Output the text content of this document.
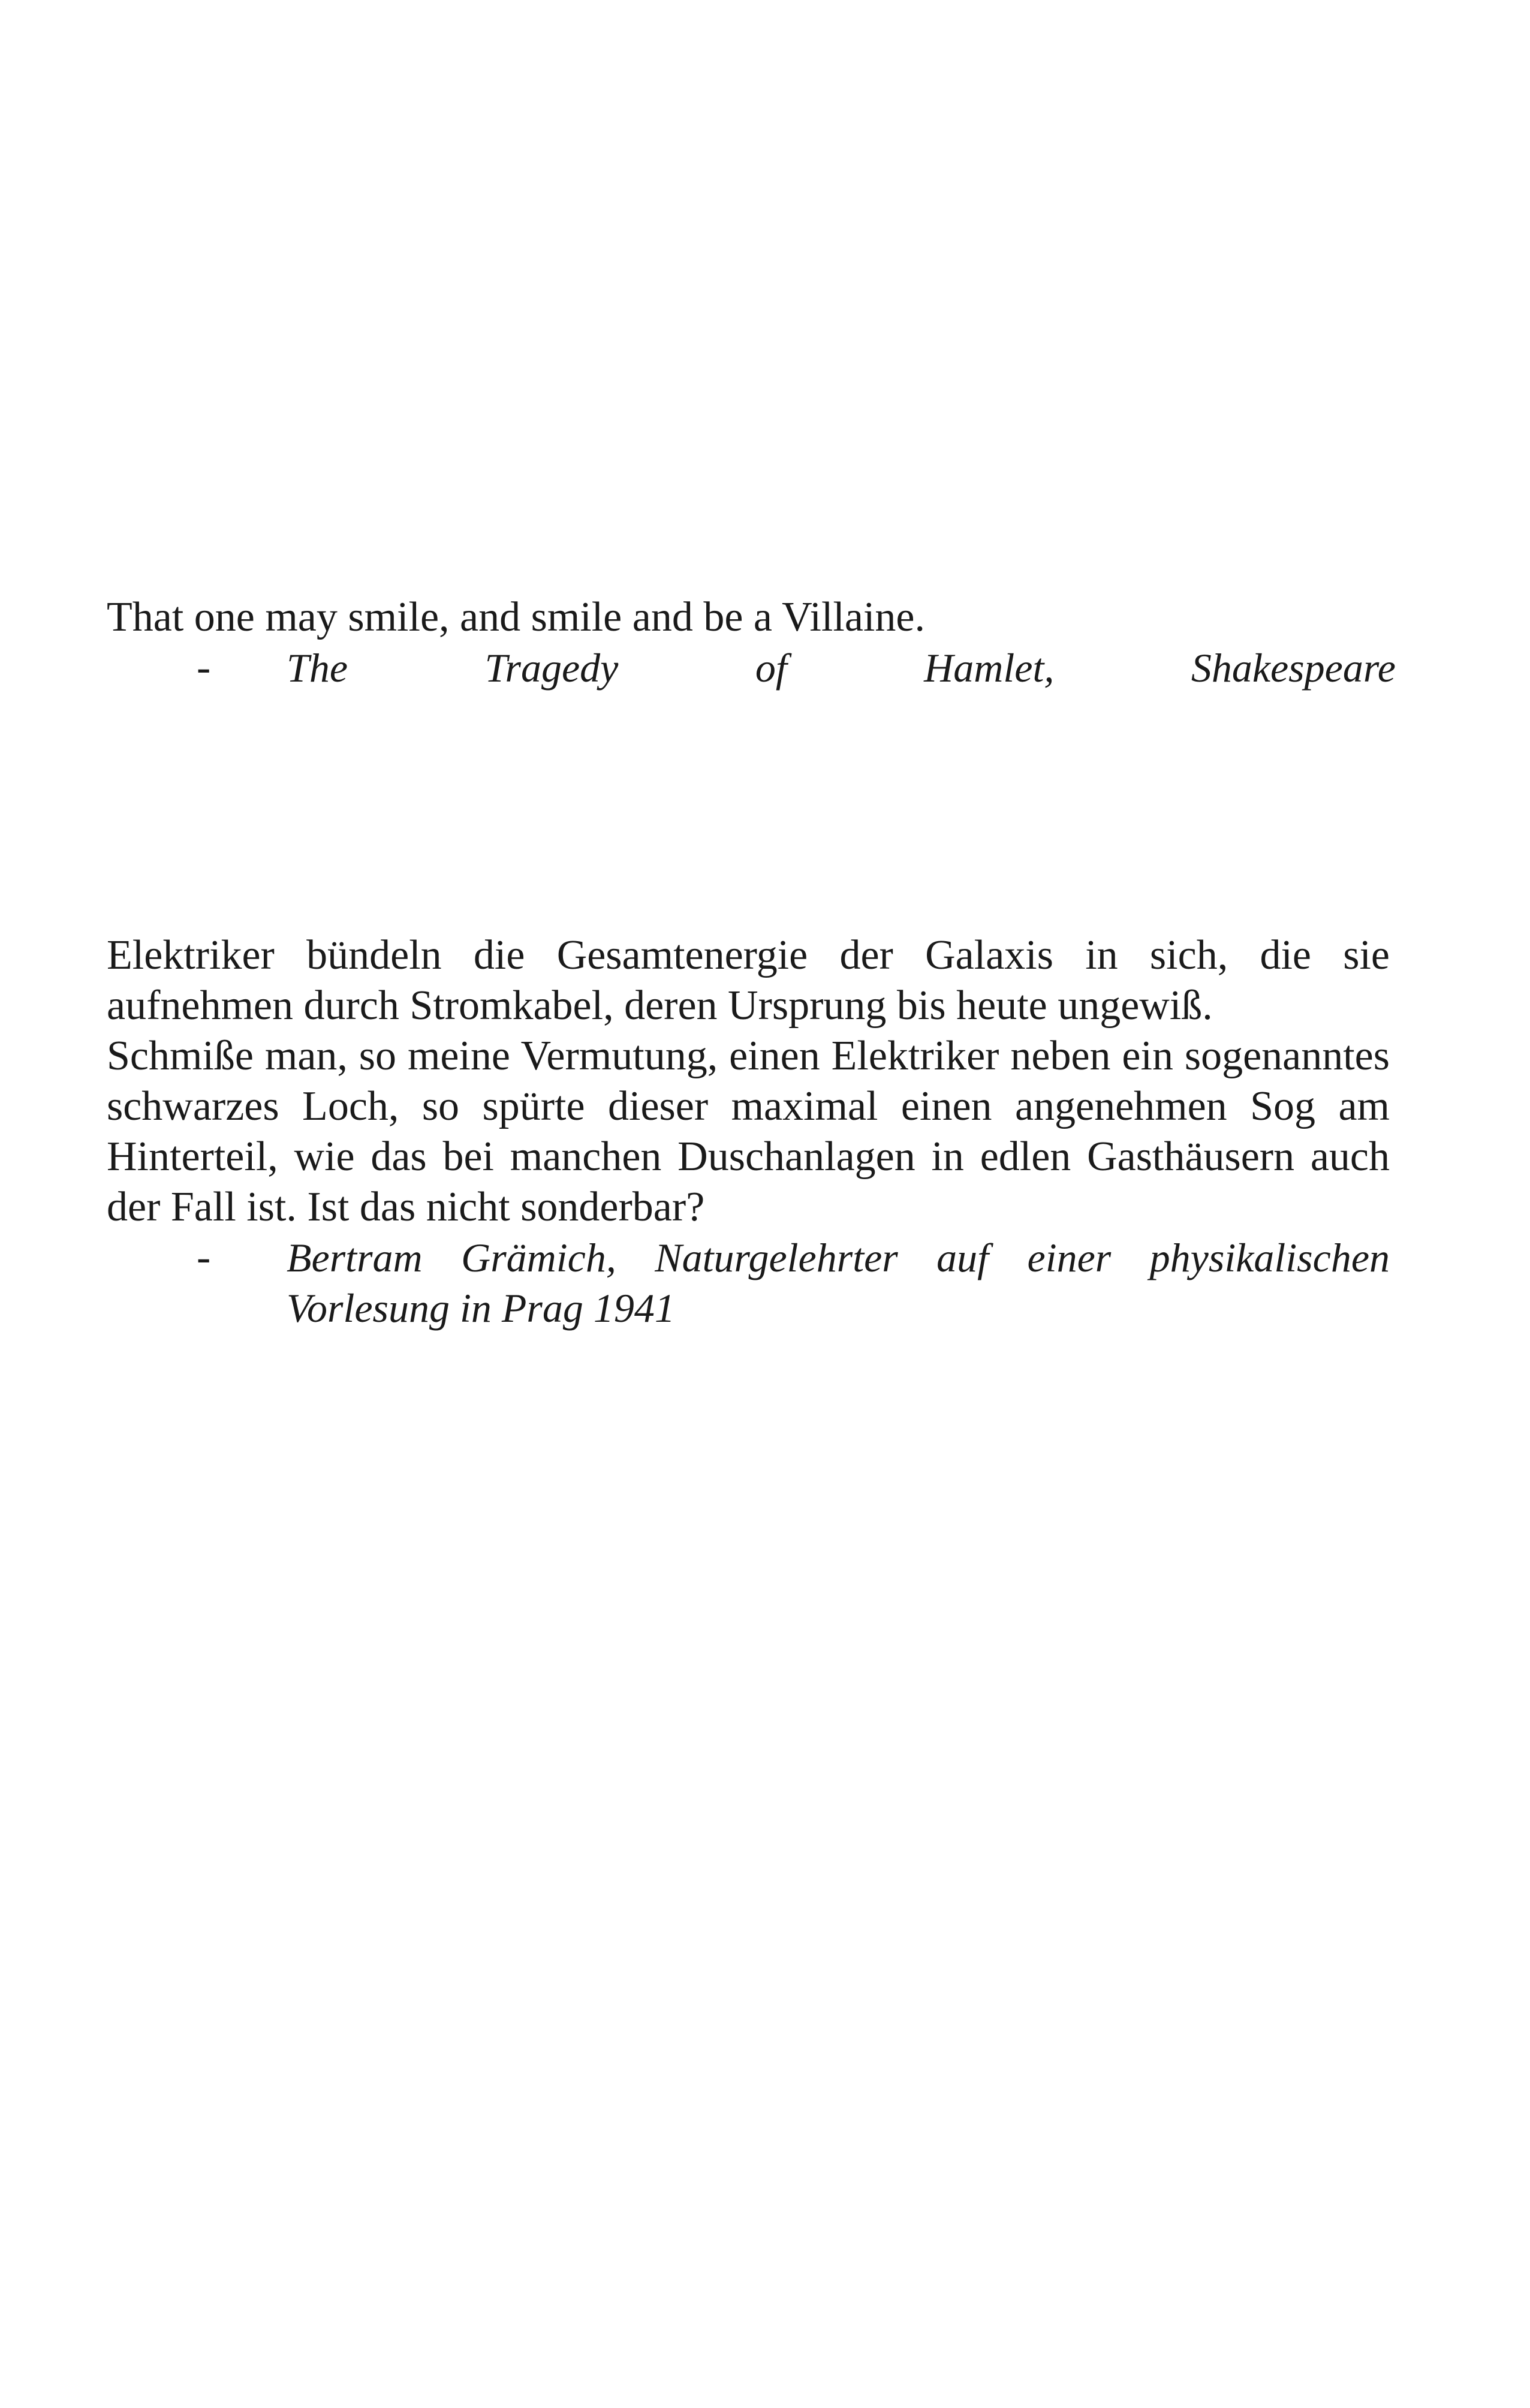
That one may smile, and smile and be a Villaine.

- The	Tragedy	of	Hamlet,	Shakespeare

Elektriker bündeln die Gesamtenergie der Galaxis in sich, die sie aufnehmen durch Stromkabel, deren Ursprung bis heute ungewiß.

Schmiße man, so meine Vermutung, einen Elektriker neben ein sogenanntes schwarzes Loch, so spürte dieser maximal einen angenehmen Sog am Hinterteil, wie das bei manchen Duschanlagen in edlen Gasthäusern auch der Fall ist. Ist das nicht sonderbar?

- Bertram Grämich, Naturgelehrter auf einer physikalischen Vorlesung in Prag 1941
